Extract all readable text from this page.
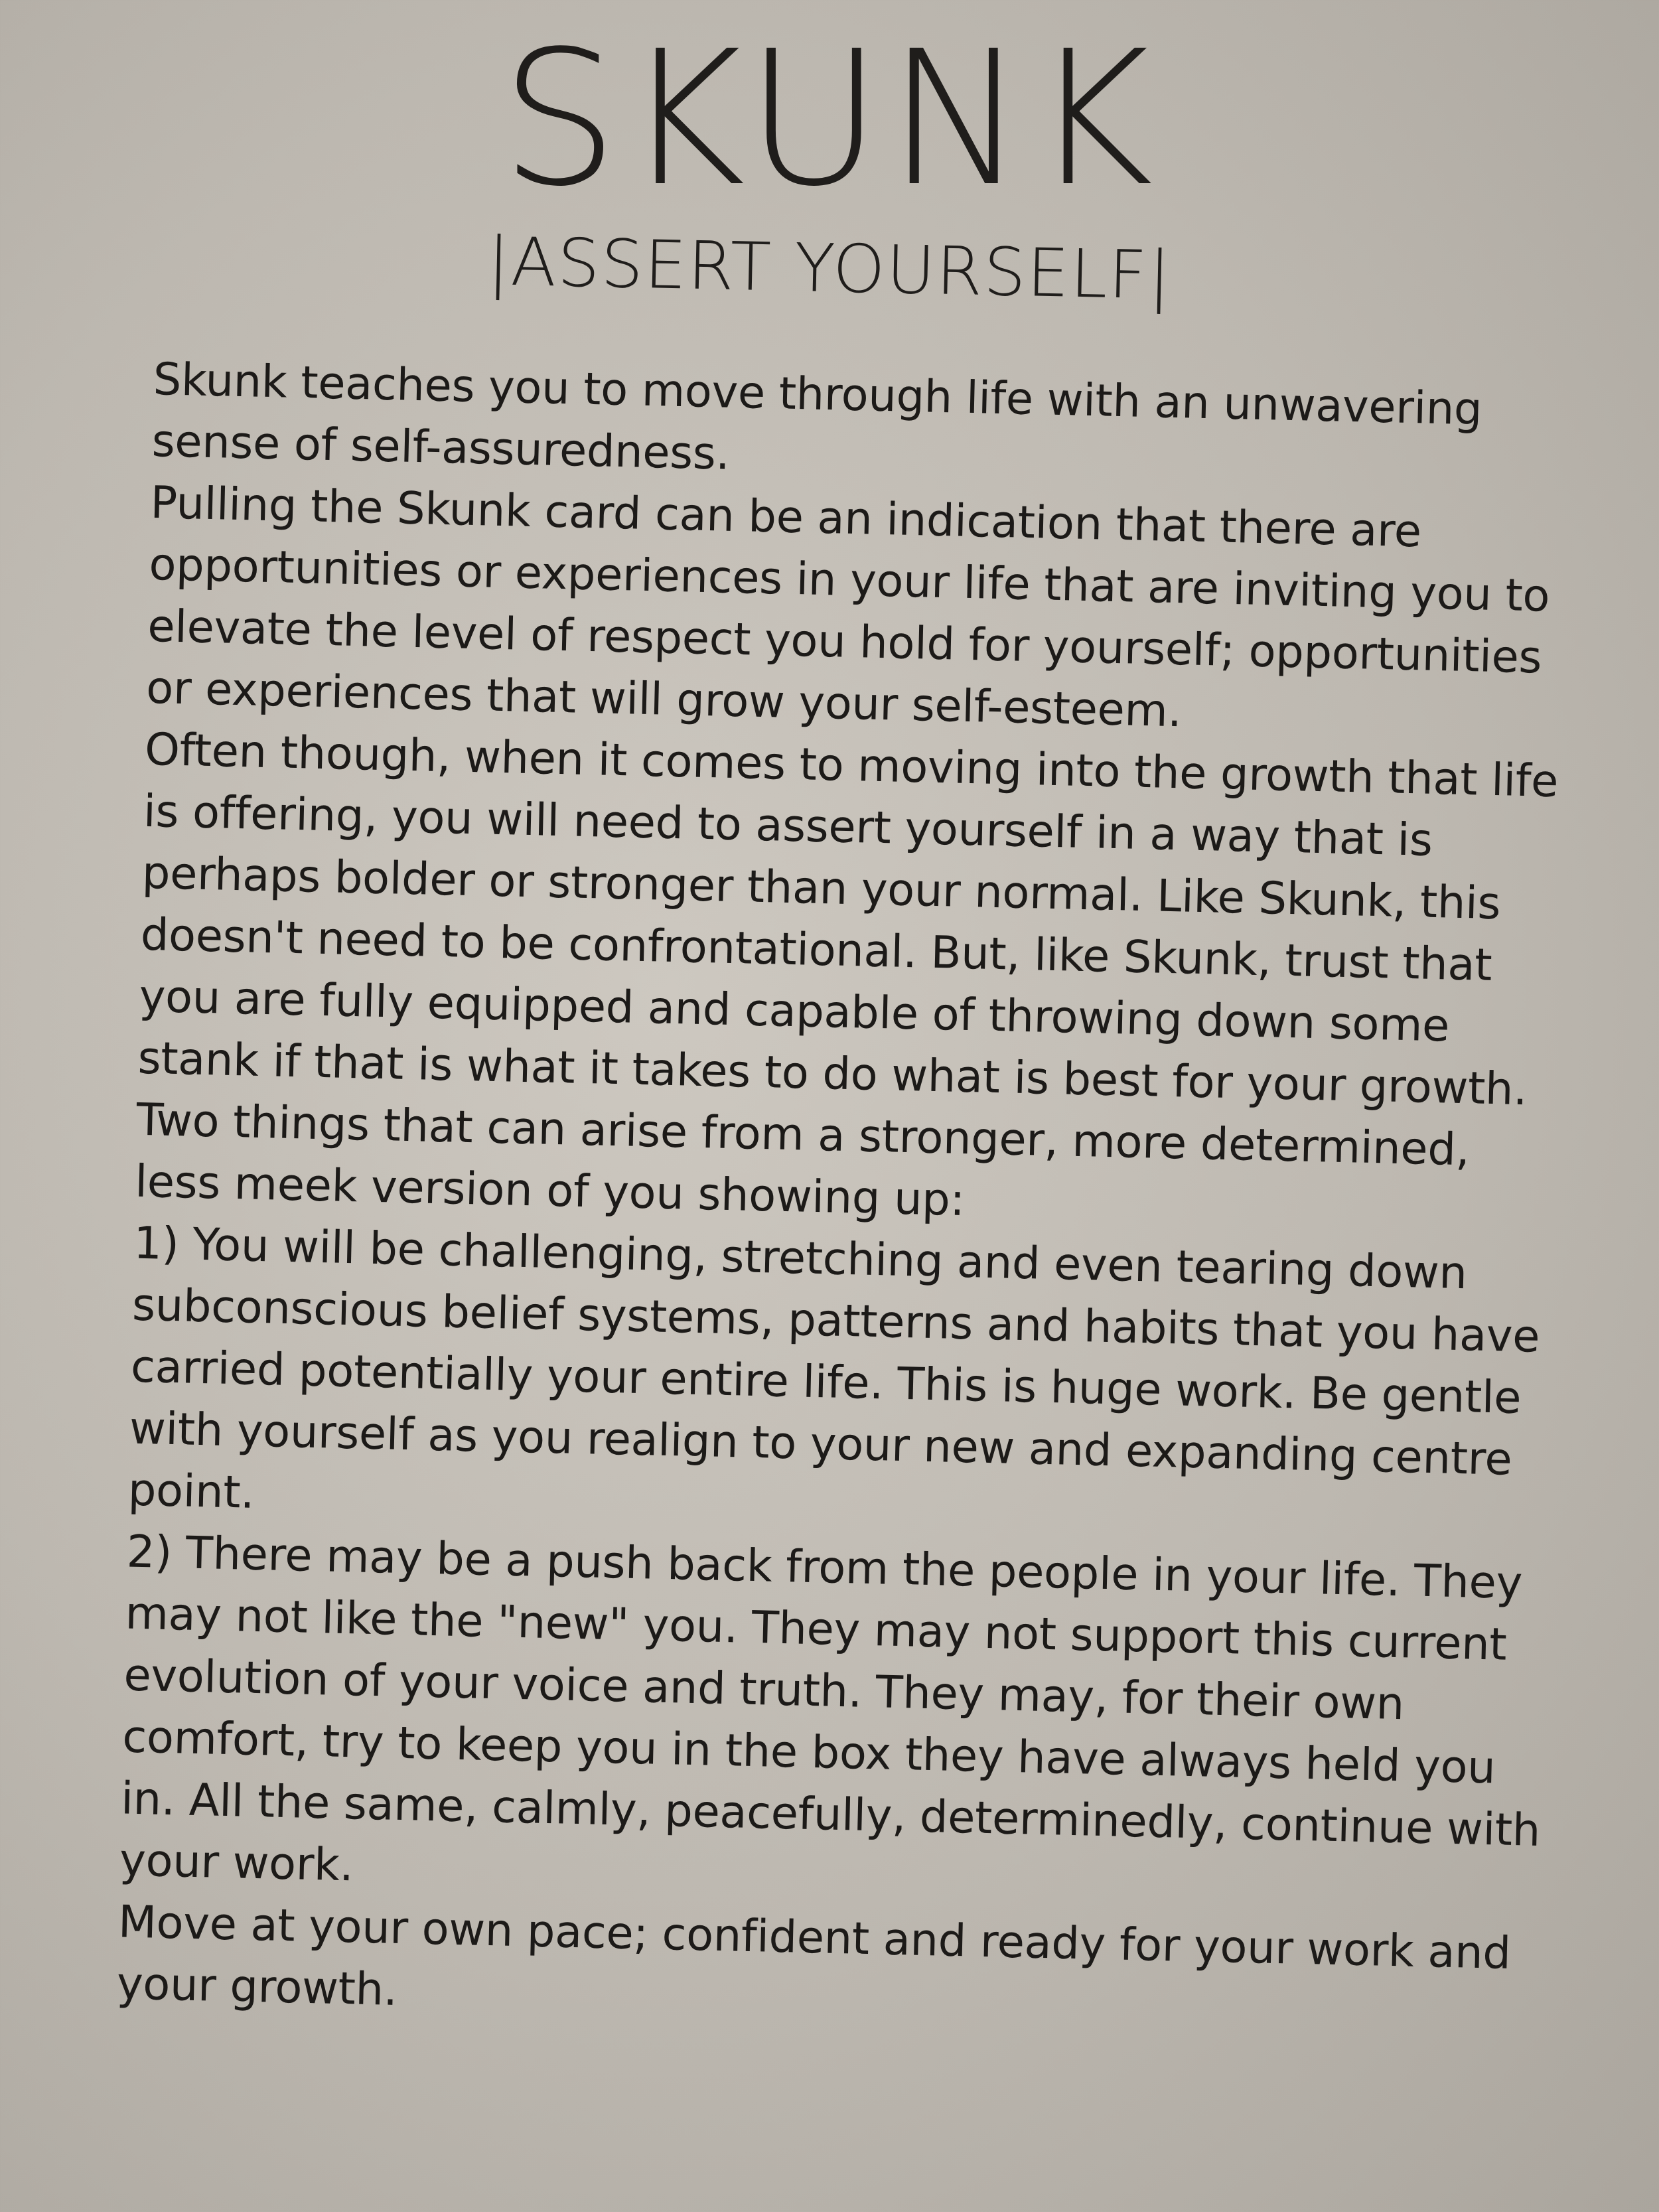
SKUNK
|ASSERT YOURSELF|

Skunk teaches you to move through life with an unwavering sense of self-assuredness.

Pulling the Skunk card can be an indication that there are opportunities or experiences in your life that are inviting you to elevate the level of respect you hold for yourself; opportunities or experiences that will grow your self-esteem.

Often though, when it comes to moving into the growth that life is offering, you will need to assert yourself in a way that is perhaps bolder or stronger than your normal. Like Skunk, this doesn't need to be confrontational. But, like Skunk, trust that you are fully equipped and capable of throwing down some stank if that is what it takes to do what is best for your growth.

Two things that can arise from a stronger, more determined, less meek version of you showing up:

1) You will be challenging, stretching and even tearing down subconscious belief systems, patterns and habits that you have carried potentially your entire life. This is huge work. Be gentle with yourself as you realign to your new and expanding centre point.

2) There may be a push back from the people in your life. They may not like the "new" you. They may not support this current evolution of your voice and truth. They may, for their own comfort, try to keep you in the box they have always held you in. All the same, calmly, peacefully, determinedly, continue with your work.

Move at your own pace; confident and ready for your work and your growth.
